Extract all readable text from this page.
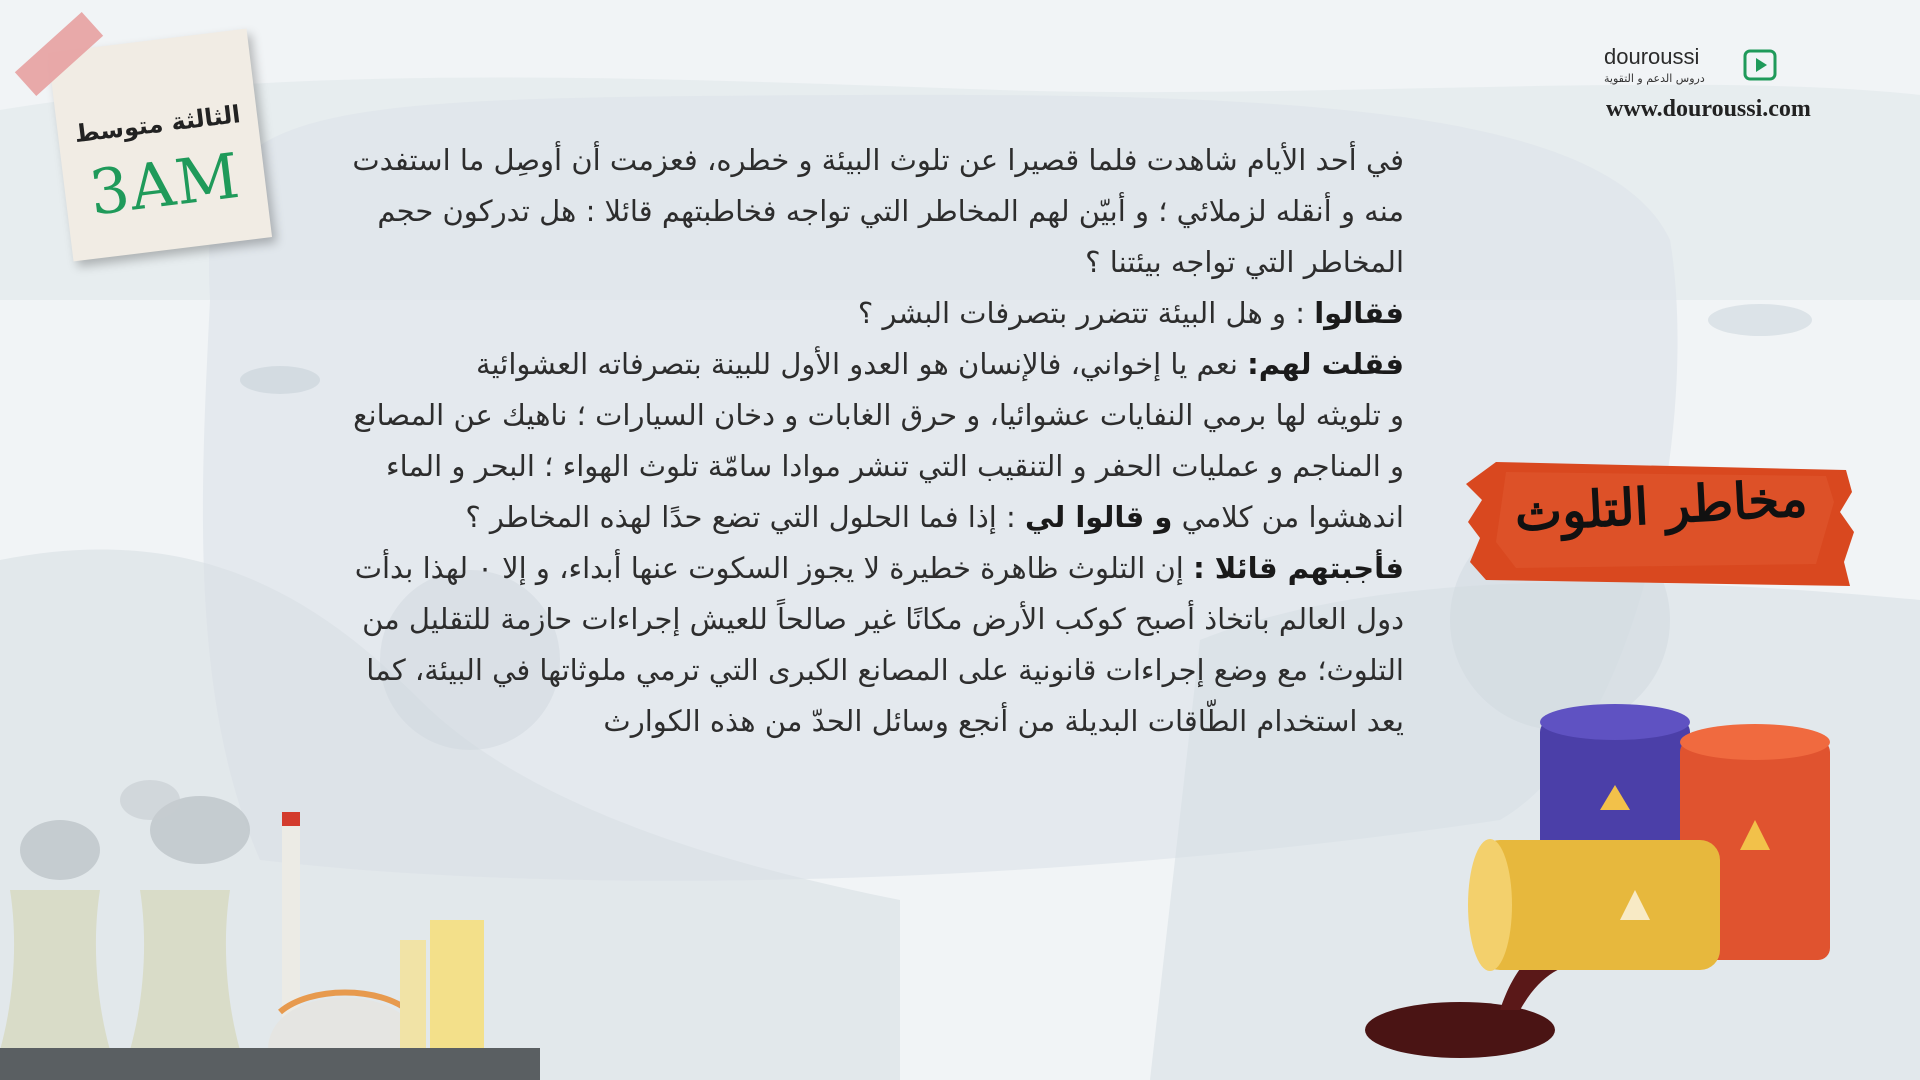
الثالثة متوسط
3AM
douroussi
دروس الدعم و التقوية
www.douroussi.com
مخاطر التلوث

في أحد الأيام شاهدت فلما قصيرا عن تلوث البيئة و خطره، فعزمت أن أوصِل ما استفدت منه و أنقله لزملائي ؛ و أبيّن لهم المخاطر التي تواجه فخاطبتهم قائلا : هل تدركون حجم المخاطر التي تواجه بيئتنا ؟

فقالوا : و هل البيئة تتضرر بتصرفات البشر ؟

فقلت لهم: نعم يا إخواني، فالإنسان هو العدو الأول للبينة بتصرفاته العشوائية

و تلويثه لها برمي النفايات عشوائيا، و حرق الغابات و دخان السيارات ؛ ناهيك عن المصانع و المناجم و عمليات الحفر و التنقيب التي تنشر موادا سامّة تلوث الهواء ؛ البحر و الماء

اندهشوا من كلامي و قالوا لي : إذا فما الحلول التي تضع حدًا لهذه المخاطر ؟

فأجبتهم قائلا : إن التلوث ظاهرة خطيرة لا يجوز السكوت عنها أبداء، و إلا ٠ لهذا بدأت دول العالم باتخاذ أصبح كوكب الأرض مكانًا غير صالحاً للعيش إجراءات حازمة للتقليل من التلوث؛ مع وضع إجراءات قانونية على المصانع الكبرى التي ترمي ملوثاتها في البيئة، كما يعد استخدام الطّاقات البديلة من أنجع وسائل الحدّ من هذه الكوارث
